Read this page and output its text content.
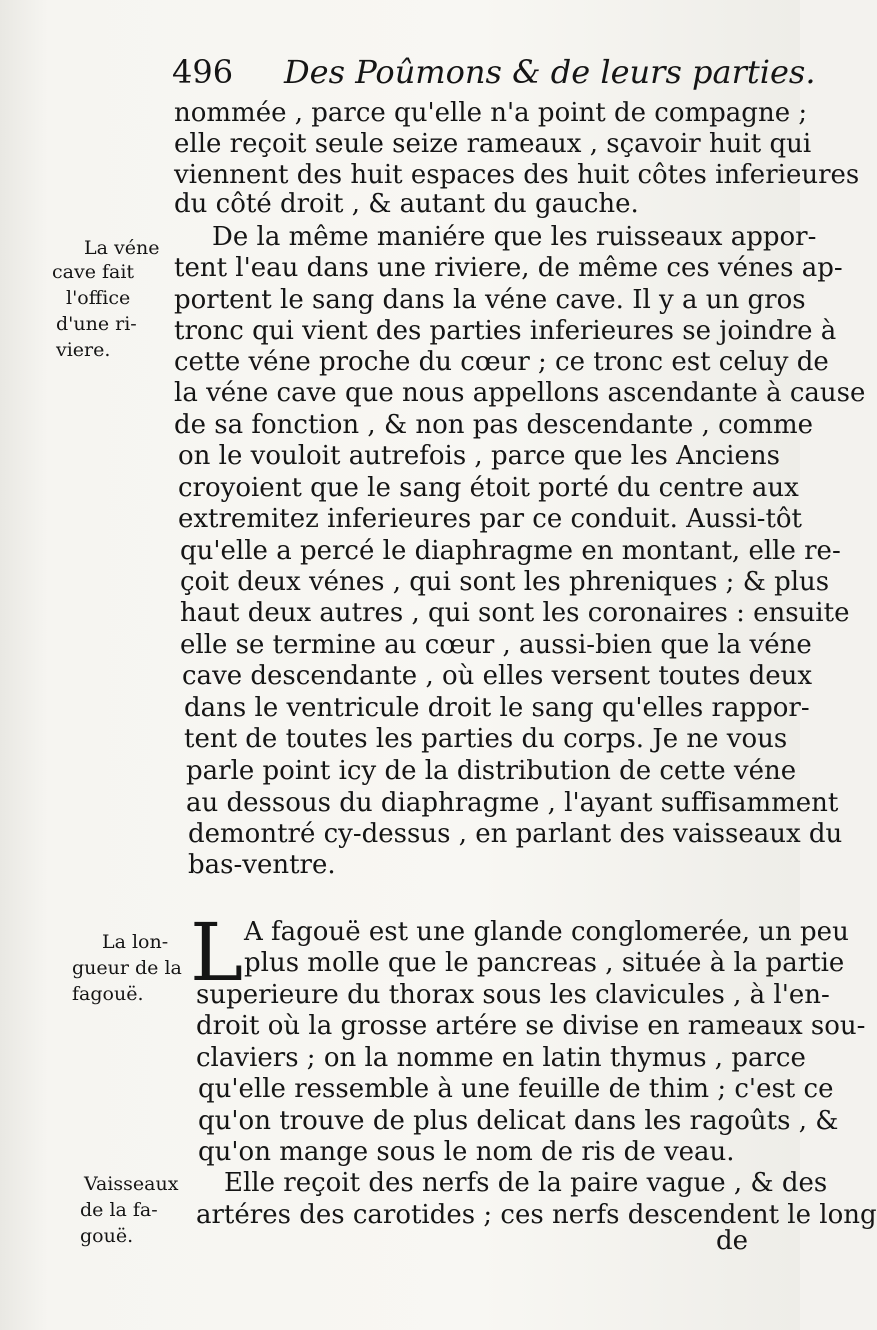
496 Des Poûmons & de leurs parties.
nommée , parce qu'elle n'a point de compagne ;
elle reçoit seule seize rameaux , sçavoir huit qui
viennent des huit espaces des huit côtes inferieures
du côté droit , & autant du gauche.
La véne
cave fait
l'office
d'une ri-
viere.
De la même maniére que les ruisseaux appor-
tent l'eau dans une riviere, de même ces vénes ap-
portent le sang dans la véne cave. Il y a un gros
tronc qui vient des parties inferieures se joindre à
cette véne proche du cœur ; ce tronc est celuy de
la véne cave que nous appellons ascendante à cause
de sa fonction , & non pas descendante , comme
on le vouloit autrefois , parce que les Anciens
croyoient que le sang étoit porté du centre aux
extremitez inferieures par ce conduit. Aussi-tôt
qu'elle a percé le diaphragme en montant, elle re-
çoit deux vénes , qui sont les phreniques ; & plus
haut deux autres , qui sont les coronaires : ensuite
elle se termine au cœur , aussi-bien que la véne
cave descendante , où elles versent toutes deux
dans le ventricule droit le sang qu'elles rappor-
tent de toutes les parties du corps. Je ne vous
parle point icy de la distribution de cette véne
au dessous du diaphragme , l'ayant suffisamment
demontré cy-dessus , en parlant des vaisseaux du
bas-ventre.
La lon-
gueur de la
fagouë. L A fagouë est une glande conglomerée, un peu
plus molle que le pancreas , située à la partie
superieure du thorax sous les clavicules , à l'en-
droit où la grosse artére se divise en rameaux sou-
claviers ; on la nomme en latin thymus , parce
qu'elle ressemble à une feuille de thim ; c'est ce
qu'on trouve de plus delicat dans les ragoûts , &
qu'on mange sous le nom de ris de veau.
Vaisseaux
de la fa-
gouë.
Elle reçoit des nerfs de la paire vague , & des
artéres des carotides ; ces nerfs descendent le long
de
